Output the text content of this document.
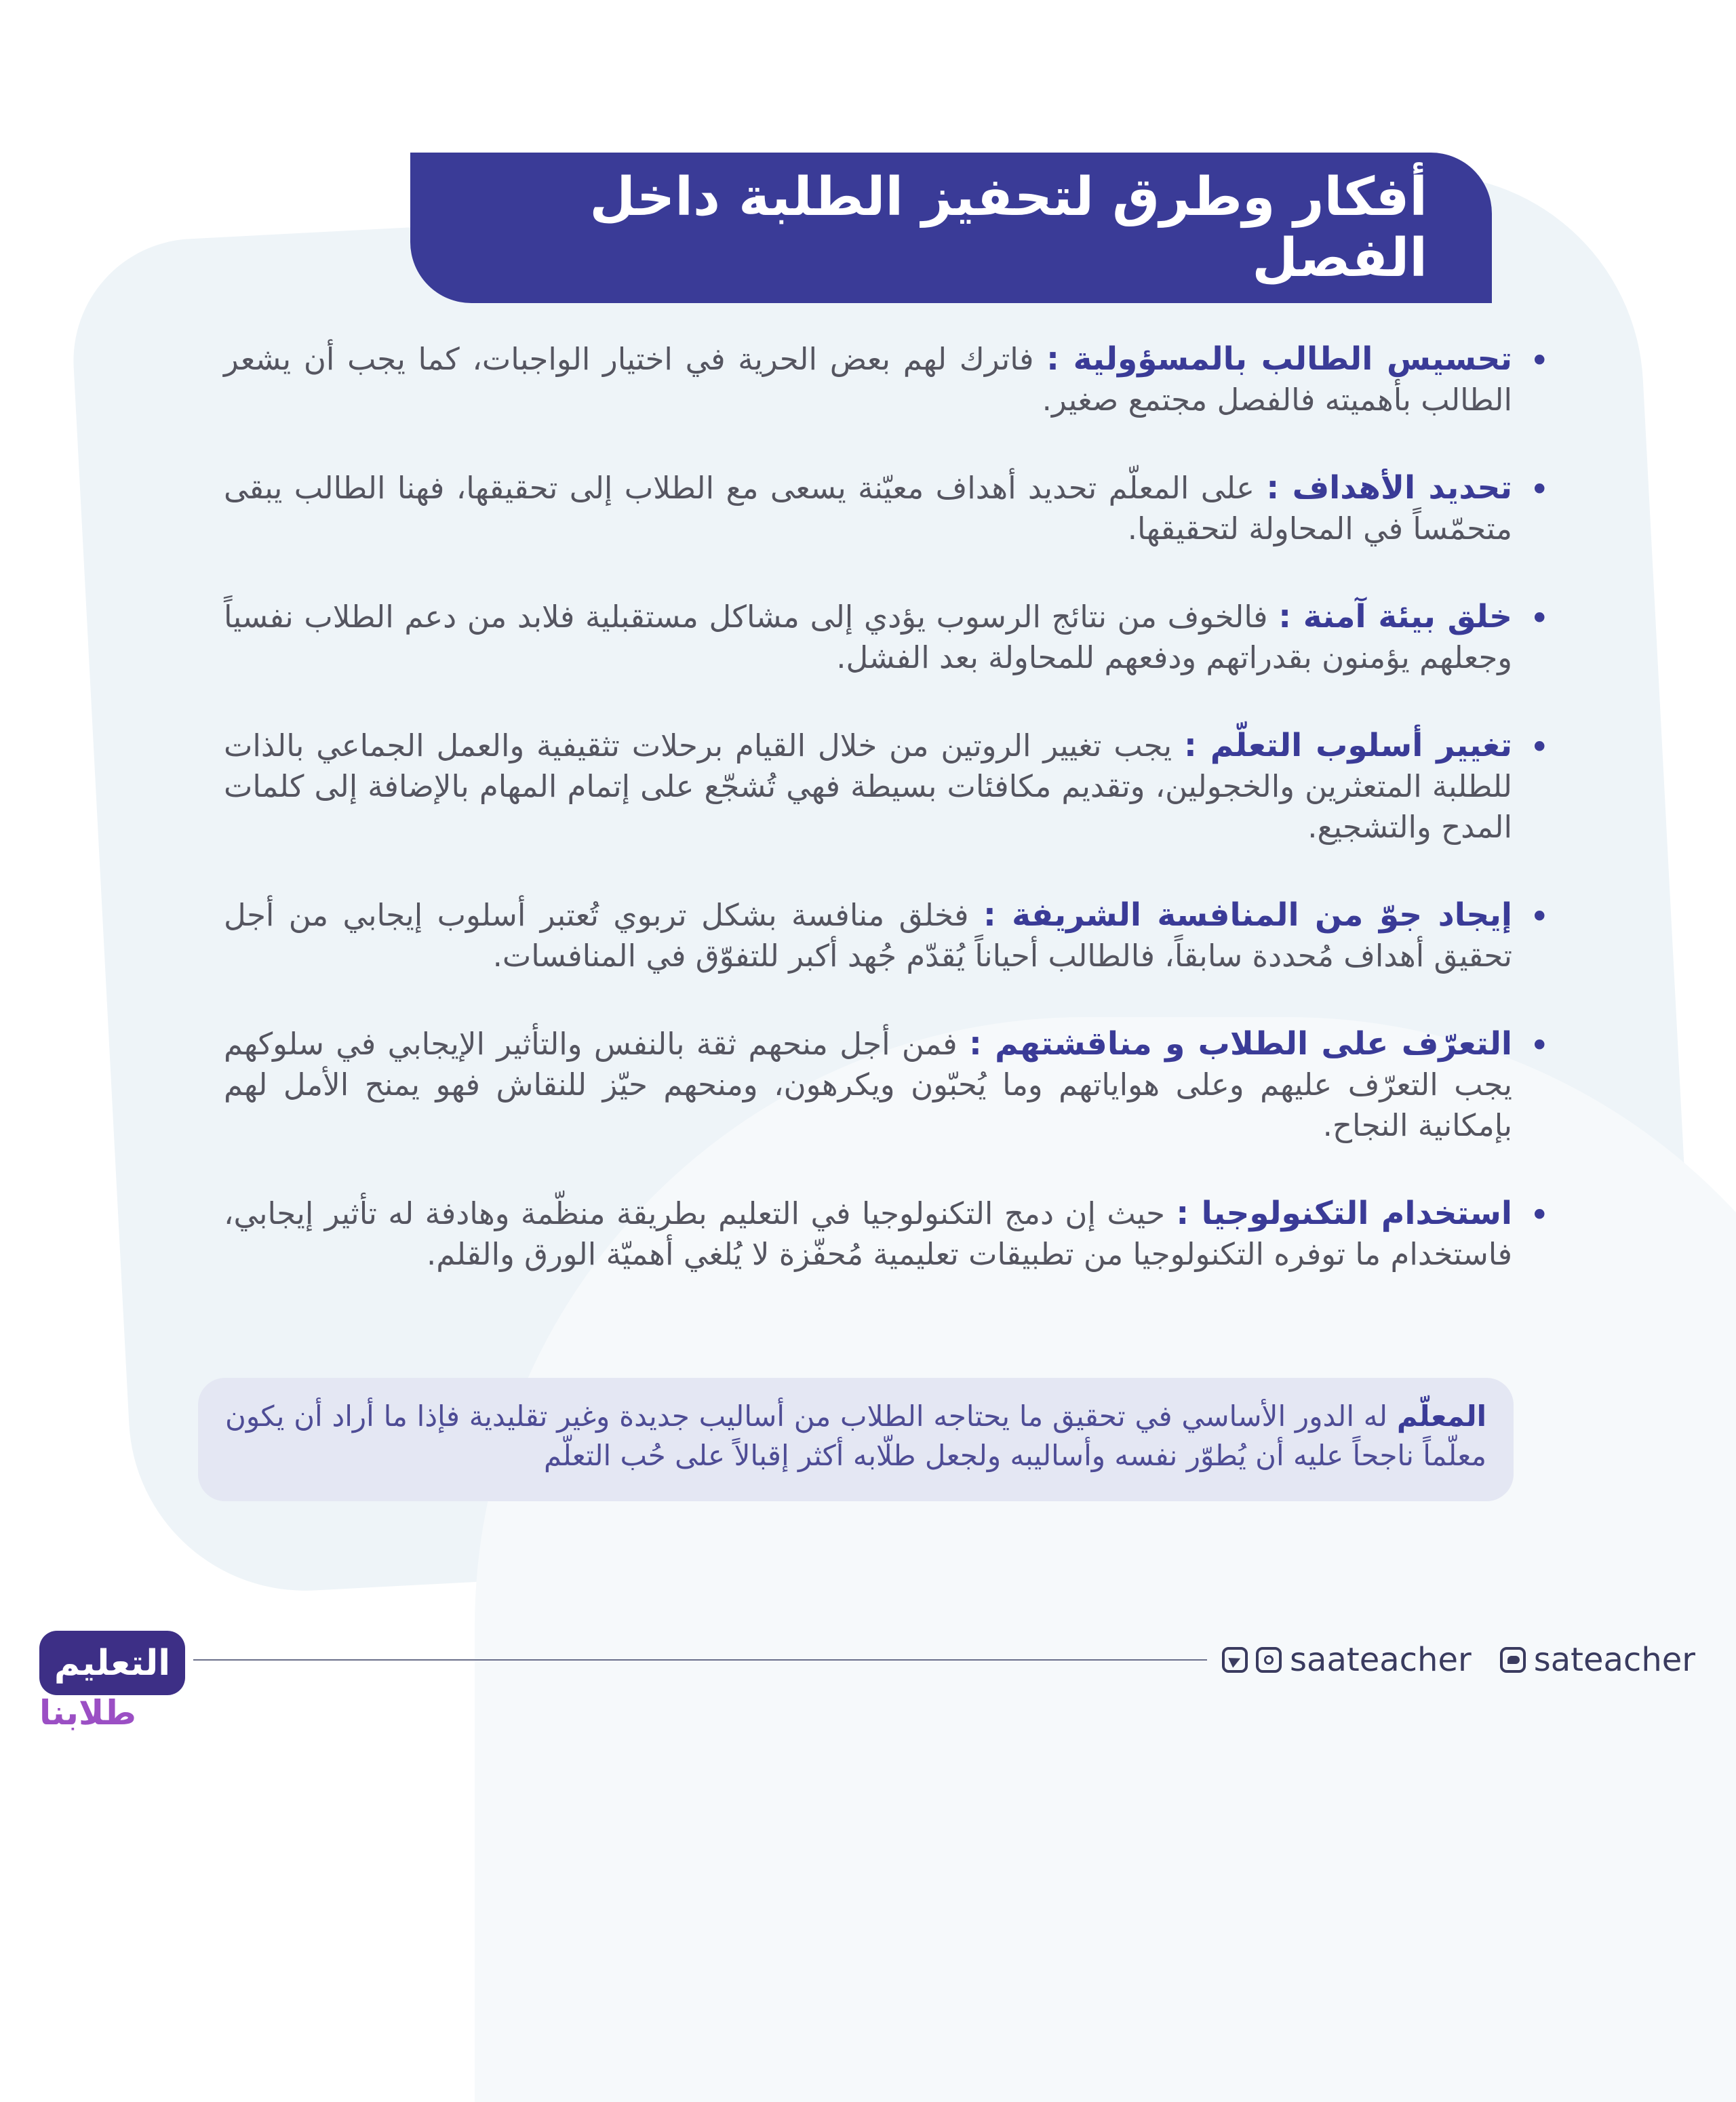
أفكار وطرق لتحفيز الطلبة داخل الفصل
•
تحسيس الطالب بالمسؤولية : فاترك لهم بعض الحرية في اختيار الواجبات، كما يجب أن يشعر الطالب بأهميته فالفصل مجتمع صغير.
•
تحديد الأهداف : على المعلّم تحديد أهداف معيّنة يسعى مع الطلاب إلى تحقيقها، فهنا الطالب يبقى متحمّساً في المحاولة لتحقيقها.
•
خلق بيئة آمنة : فالخوف من نتائج الرسوب يؤدي إلى مشاكل مستقبلية فلابد من دعم الطلاب نفسياً وجعلهم يؤمنون بقدراتهم ودفعهم للمحاولة بعد الفشل.
•
تغيير أسلوب التعلّم : يجب تغيير الروتين من خلال القيام برحلات تثقيفية والعمل الجماعي بالذات للطلبة المتعثرين والخجولين، وتقديم مكافئات بسيطة فهي تُشجّع على إتمام المهام بالإضافة إلى كلمات المدح والتشجيع.
•
إيجاد جوّ من المنافسة الشريفة : فخلق منافسة بشكل تربوي تُعتبر أسلوب إيجابي من أجل تحقيق أهداف مُحددة سابقاً، فالطالب أحياناً يُقدّم جُهد أكبر للتفوّق في المنافسات.
•
التعرّف على الطلاب و مناقشتهم : فمن أجل منحهم ثقة بالنفس والتأثير الإيجابي في سلوكهم يجب التعرّف عليهم وعلى هواياتهم وما يُحبّون ويكرهون، ومنحهم حيّز للنقاش فهو يمنح الأمل لهم بإمكانية النجاح.
•
استخدام التكنولوجيا : حيث إن دمج التكنولوجيا في التعليم بطريقة منظّمة وهادفة له تأثير إيجابي، فاستخدام ما توفره التكنولوجيا من تطبيقات تعليمية مُحفّزة لا يُلغي أهميّة الورق والقلم.
المعلّم له الدور الأساسي في تحقيق ما يحتاجه الطلاب من أساليب جديدة وغير تقليدية فإذا ما أراد أن يكون معلّماً ناجحاً عليه أن يُطوّر نفسه وأساليبه ولجعل طلّابه أكثر إقبالاً على حُب التعلّم
saateacher sateacher
التعليم
طلابنا
